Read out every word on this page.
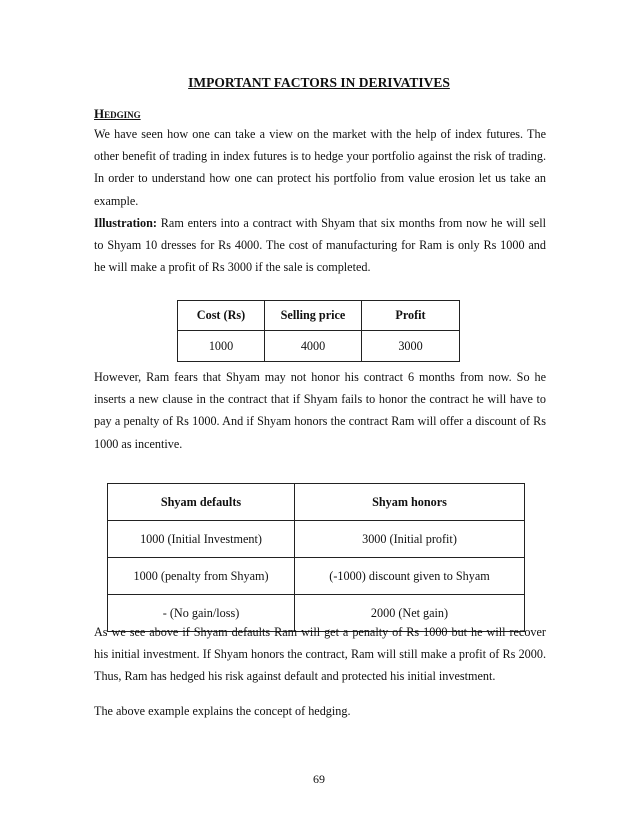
IMPORTANT FACTORS IN DERIVATIVES
Hedging

We have seen how one can take a view on the market with the help of index futures. The other benefit of trading in index futures is to hedge your portfolio against the risk of trading. In order to understand how one can protect his portfolio from value erosion let us take an example.
Illustration: Ram enters into a contract with Shyam that six months from now he will sell to Shyam 10 dresses for Rs 4000. The cost of manufacturing for Ram is only Rs 1000 and he will make a profit of Rs 3000 if the sale is completed.

Cost (Rs)	Selling price	Profit
1000	4000	3000

However, Ram fears that Shyam may not honor his contract 6 months from now. So he inserts a new clause in the contract that if Shyam fails to honor the contract he will have to pay a penalty of Rs 1000. And if Shyam honors the contract Ram will offer a discount of Rs 1000 as incentive.

Shyam defaults	Shyam honors
1000 (Initial Investment)	3000 (Initial profit)
1000 (penalty from Shyam)	(-1000) discount given to Shyam
- (No gain/loss)	2000 (Net gain)

As we see above if Shyam defaults Ram will get a penalty of Rs 1000 but he will recover his initial investment. If Shyam honors the contract, Ram will still make a profit of Rs 2000. Thus, Ram has hedged his risk against default and protected his initial investment.

The above example explains the concept of hedging.

69
